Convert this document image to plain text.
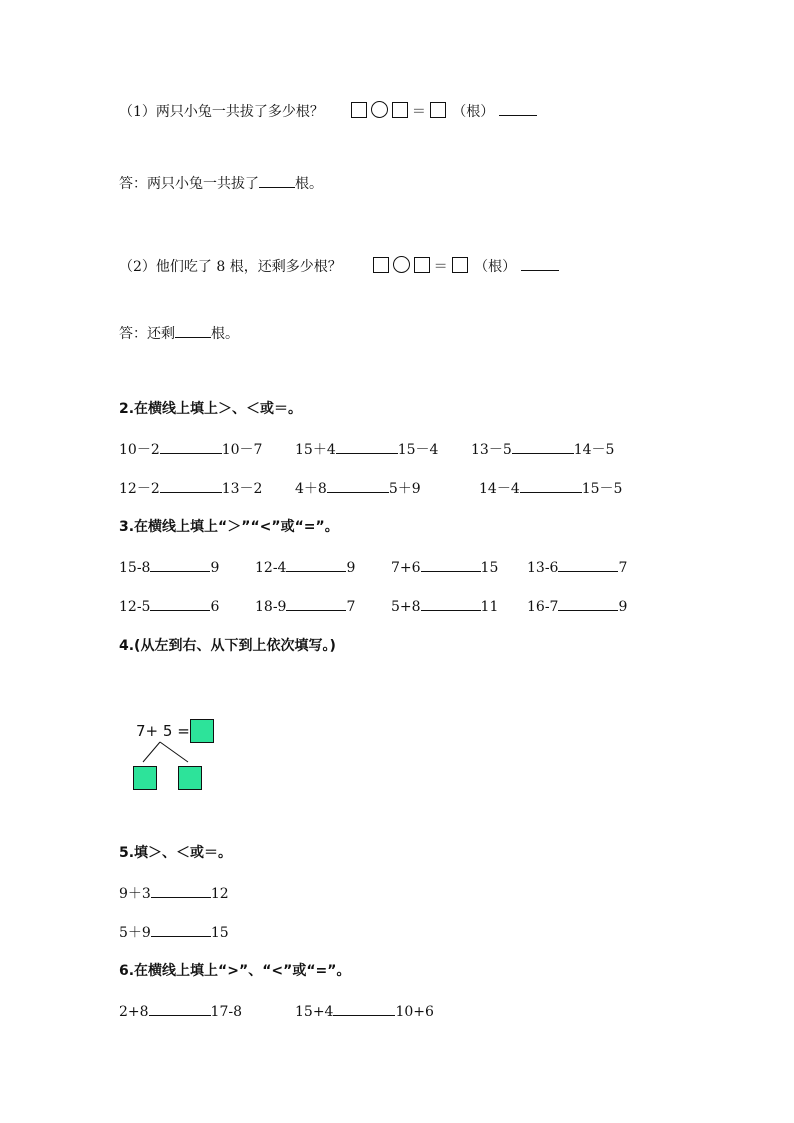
（1）两只小兔一共拔了多少根？	＝ （根）
答：两只小兔一共拔了	根。
（2）他们吃了 8 根，还剩多少根？	＝ （根）
答：还剩	根。
2.在横线上填上＞、＜或＝。
10－2	10－7 15＋4	15－4 13－5	14－5
12－2	13－2 4＋8	5＋9	14－4	15－5
3.在横线上填上“＞”“<”或“=”。
15-8	9	12-4	9	7+6	15 13-6	7
12-5	6	18-9	7	5+8	11 16-7	9
4.(从左到右、从下到上依次填写。)
7+ 5 =
5.填＞、＜或＝。
9＋3	12
5＋9	15
6.在横线上填上“>”、“<”或“=”。
2+8	17-8	15+4	10+6
